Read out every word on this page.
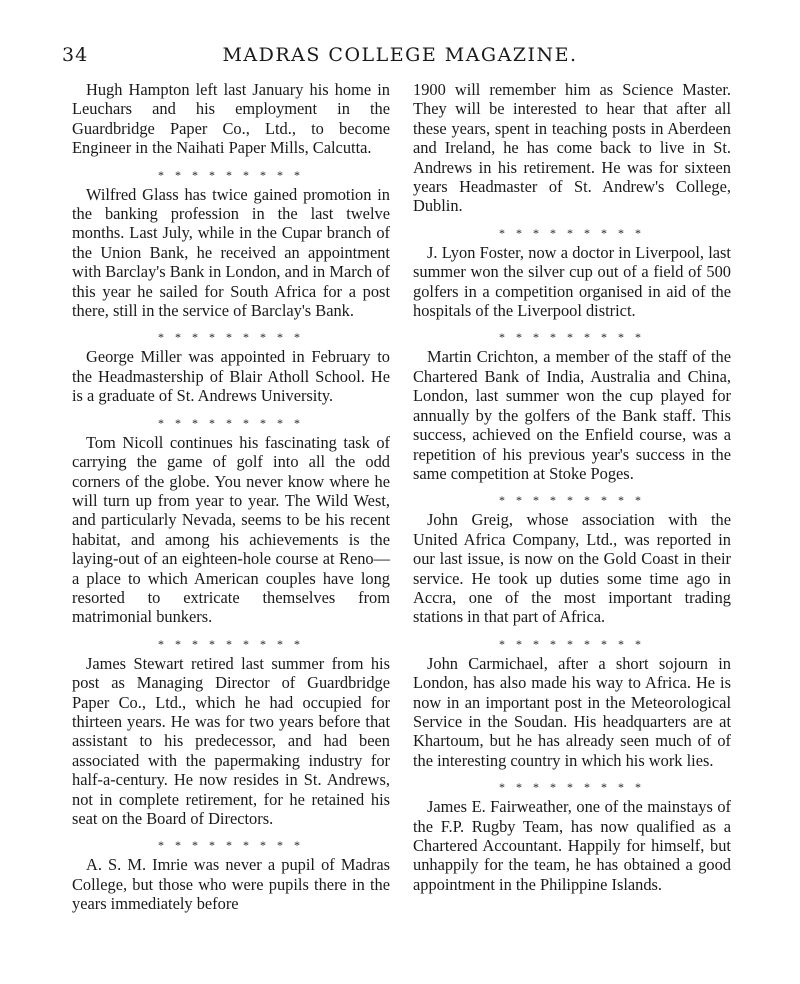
34	MADRAS COLLEGE MAGAZINE.

Hugh Hampton left last January his home in Leuchars and his employment in the Guardbridge Paper Co., Ltd., to become Engineer in the Naihati Paper Mills, Calcutta.

* * * * * * * * *

Wilfred Glass has twice gained promotion in the banking profession in the last twelve months. Last July, while in the Cupar branch of the Union Bank, he received an appointment with Barclay's Bank in London, and in March of this year he sailed for South Africa for a post there, still in the service of Barclay's Bank.

* * * * * * * * *

George Miller was appointed in February to the Headmastership of Blair Atholl School. He is a graduate of St. Andrews University.

* * * * * * * * *

Tom Nicoll continues his fascinating task of carrying the game of golf into all the odd corners of the globe. You never know where he will turn up from year to year. The Wild West, and particularly Nevada, seems to be his recent habitat, and among his achievements is the laying-out of an eighteen-hole course at Reno—a place to which American couples have long resorted to extricate themselves from matrimonial bunkers.

* * * * * * * * *

James Stewart retired last summer from his post as Managing Director of Guardbridge Paper Co., Ltd., which he had occupied for thirteen years. He was for two years before that assistant to his predecessor, and had been associated with the papermaking industry for half-a-century. He now resides in St. Andrews, not in complete retirement, for he retained his seat on the Board of Directors.

* * * * * * * * *

A. S. M. Imrie was never a pupil of Madras College, but those who were pupils there in the years immediately before

1900 will remember him as Science Master. They will be interested to hear that after all these years, spent in teaching posts in Aberdeen and Ireland, he has come back to live in St. Andrews in his retirement. He was for sixteen years Headmaster of St. Andrew's College, Dublin.

* * * * * * * * *

J. Lyon Foster, now a doctor in Liverpool, last summer won the silver cup out of a field of 500 golfers in a competition organised in aid of the hospitals of the Liverpool district.

* * * * * * * * *

Martin Crichton, a member of the staff of the Chartered Bank of India, Australia and China, London, last summer won the cup played for annually by the golfers of the Bank staff. This success, achieved on the Enfield course, was a repetition of his previous year's success in the same competition at Stoke Poges.

* * * * * * * * *

John Greig, whose association with the United Africa Company, Ltd., was reported in our last issue, is now on the Gold Coast in their service. He took up duties some time ago in Accra, one of the most important trading stations in that part of Africa.

* * * * * * * * *

John Carmichael, after a short sojourn in London, has also made his way to Africa. He is now in an important post in the Meteorological Service in the Soudan. His headquarters are at Khartoum, but he has already seen much of of the interesting country in which his work lies.

* * * * * * * * *

James E. Fairweather, one of the mainstays of the F.P. Rugby Team, has now qualified as a Chartered Accountant. Happily for himself, but unhappily for the team, he has obtained a good appointment in the Philippine Islands.
